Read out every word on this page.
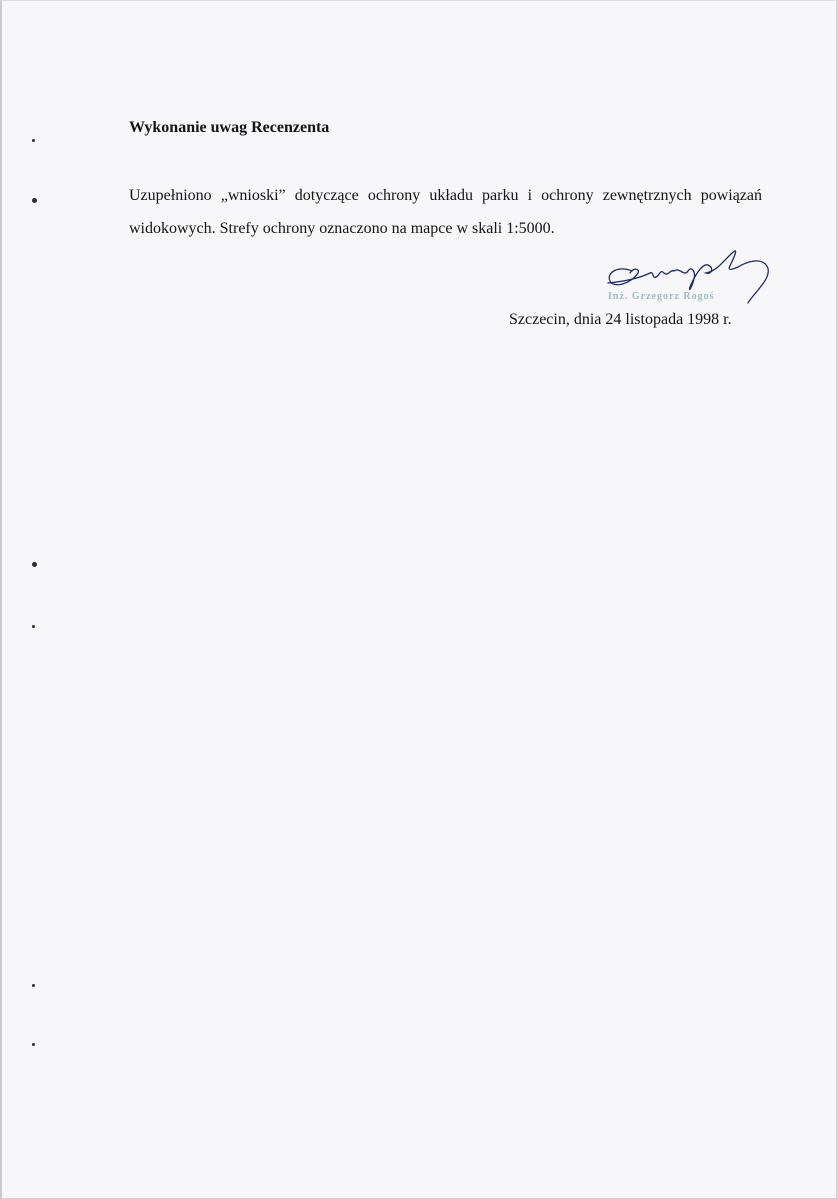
Wykonanie uwag Recenzenta
Uzupełniono „wnioski” dotyczące ochrony układu parku i ochrony zewnętrznych powiązań widokowych. Strefy ochrony oznaczono na mapce w skali 1:5000.
Inż. Grzegorz Rogoś
Szczecin, dnia 24 listopada 1998 r.
